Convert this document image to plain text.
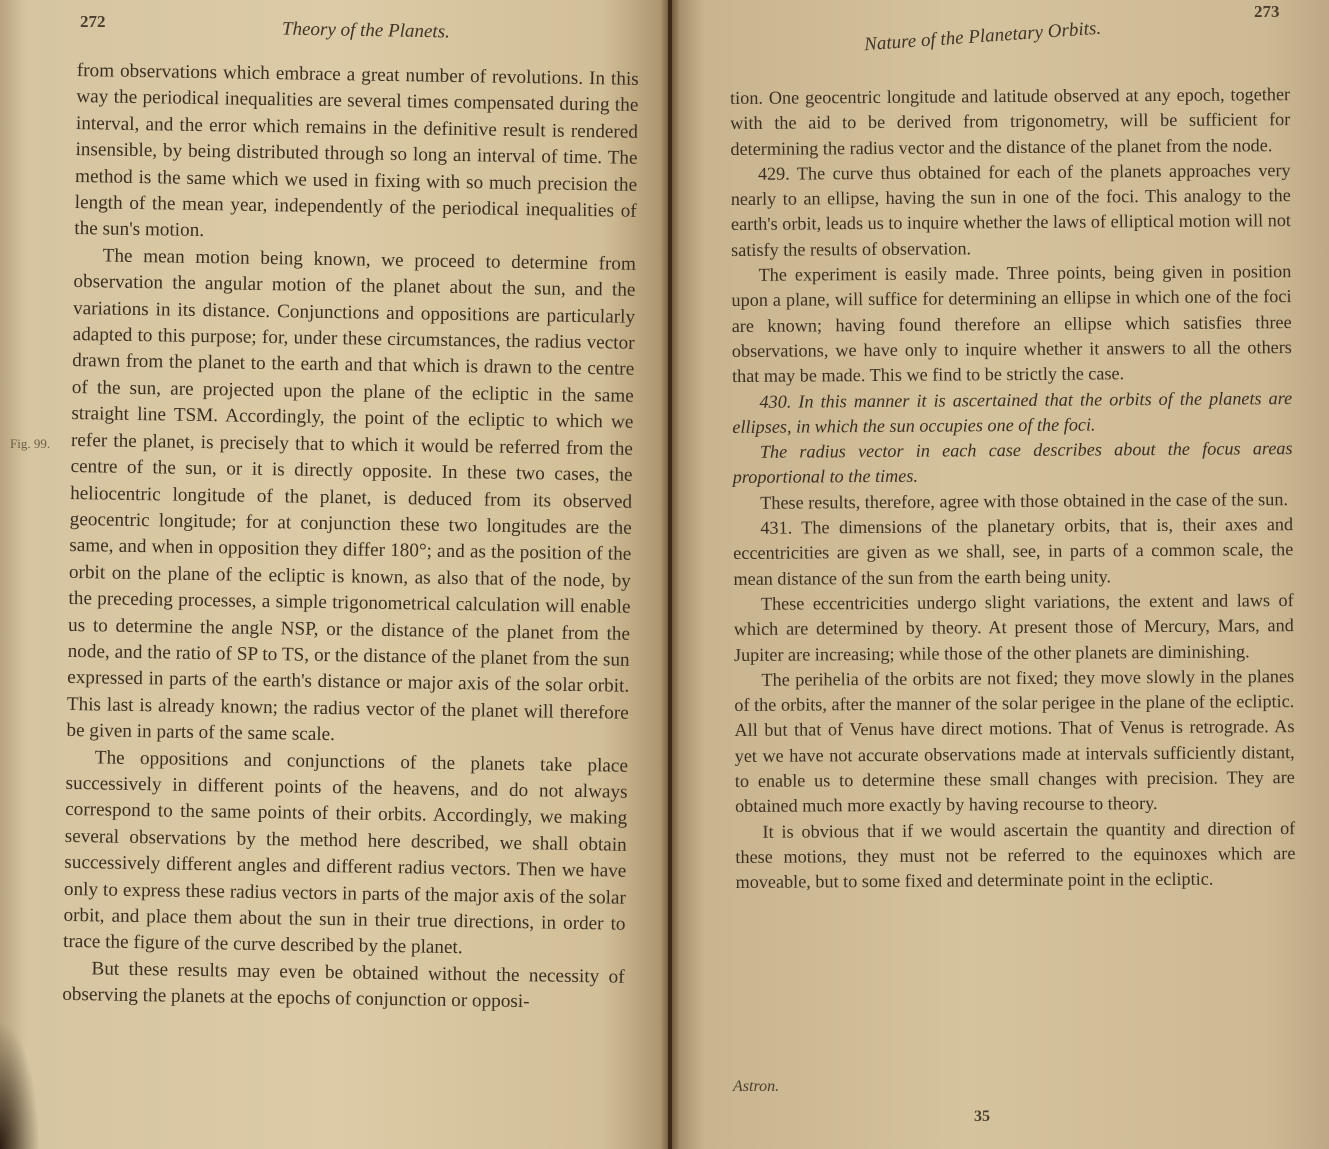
272	Theory of the Planets.
Fig. 99.

from observations which embrace a great number of revolutions. In this way the periodical inequalities are several times compensated during the interval, and the error which remains in the definitive result is rendered insensible, by being distributed through so long an interval of time. The method is the same which we used in fixing with so much precision the length of the mean year, independently of the periodical inequalities of the sun's motion.

The mean motion being known, we proceed to determine from observation the angular motion of the planet about the sun, and the variations in its distance. Conjunctions and oppositions are particularly adapted to this purpose; for, under these circumstances, the radius vector drawn from the planet to the earth and that which is drawn to the centre of the sun, are projected upon the plane of the ecliptic in the same straight line TSM. Accordingly, the point of the ecliptic to which we refer the planet, is precisely that to which it would be referred from the centre of the sun, or it is directly opposite. In these two cases, the heliocentric longitude of the planet, is deduced from its observed geocentric longitude; for at conjunction these two longitudes are the same, and when in opposition they differ 180°; and as the position of the orbit on the plane of the ecliptic is known, as also that of the node, by the preceding processes, a simple trigonometrical calculation will enable us to determine the angle NSP, or the distance of the planet from the node, and the ratio of SP to TS, or the distance of the planet from the sun expressed in parts of the earth's distance or major axis of the solar orbit. This last is already known; the radius vector of the planet will therefore be given in parts of the same scale.

The oppositions and conjunctions of the planets take place successively in different points of the heavens, and do not always correspond to the same points of their orbits. Accordingly, we making several observations by the method here described, we shall obtain successively different angles and different radius vectors. Then we have only to express these radius vectors in parts of the major axis of the solar orbit, and place them about the sun in their true directions, in order to trace the figure of the curve described by the planet.

But these results may even be obtained without the necessity of observing the planets at the epochs of conjunction or opposi-

273
Nature of the Planetary Orbits.

tion. One geocentric longitude and latitude observed at any epoch, together with the aid to be derived from trigonometry, will be sufficient for determining the radius vector and the distance of the planet from the node.

429. The curve thus obtained for each of the planets approaches very nearly to an ellipse, having the sun in one of the foci. This analogy to the earth's orbit, leads us to inquire whether the laws of elliptical motion will not satisfy the results of observation.

The experiment is easily made. Three points, being given in position upon a plane, will suffice for determining an ellipse in which one of the foci are known; having found therefore an ellipse which satisfies three observations, we have only to inquire whether it answers to all the others that may be made. This we find to be strictly the case.

430. In this manner it is ascertained that the orbits of the planets are ellipses, in which the sun occupies one of the foci.

The radius vector in each case describes about the focus areas proportional to the times.

These results, therefore, agree with those obtained in the case of the sun.

431. The dimensions of the planetary orbits, that is, their axes and eccentricities are given as we shall, see, in parts of a common scale, the mean distance of the sun from the earth being unity.

These eccentricities undergo slight variations, the extent and laws of which are determined by theory. At present those of Mercury, Mars, and Jupiter are increasing; while those of the other planets are diminishing.

The perihelia of the orbits are not fixed; they move slowly in the planes of the orbits, after the manner of the solar perigee in the plane of the ecliptic. All but that of Venus have direct motions. That of Venus is retrograde. As yet we have not accurate observations made at intervals sufficiently distant, to enable us to determine these small changes with precision. They are obtained much more exactly by having recourse to theory.

It is obvious that if we would ascertain the quantity and direction of these motions, they must not be referred to the equinoxes which are moveable, but to some fixed and determinate point in the ecliptic.

Astron.
35
